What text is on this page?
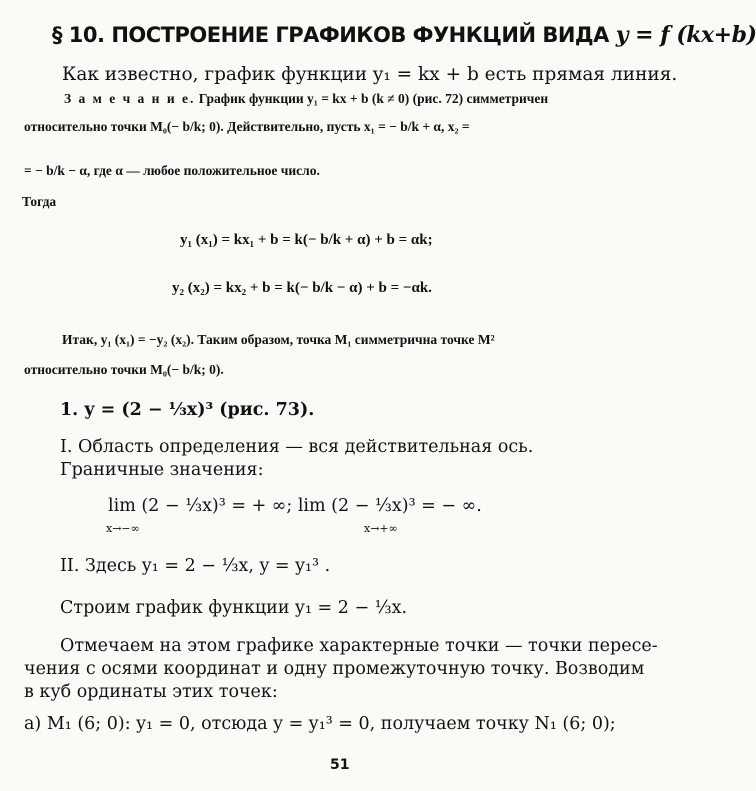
§ 10. ПОСТРОЕНИЕ ГРАФИКОВ ФУНКЦИЙ ВИДА y = f (kx+b)
Как известно, график функции y₁ = kx + b есть прямая линия.
З а м е ч а н и е. График функции y₁ = kx + b (k ≠ 0) (рис. 72) симметричен
относительно точки M₀(− b/k; 0). Действительно, пусть x₁ = − b/k + α, x₂ =
= − b/k − α, где α — любое положительное число.
Тогда
y₁ (x₁) = kx₁ + b = k(− b/k + α) + b = αk;
y₂ (x₂) = kx₂ + b = k(− b/k − α) + b = −αk.
Итак, y₁ (x₁) = −y₂ (x₂). Таким образом, точка M₁ симметрична точке M²
относительно точки M₀(− b/k; 0).
1. y = (2 − ⅓x)³ (рис. 73).
I. Область определения — вся действительная ось.
Граничные значения:
lim (2 − ⅓x)³ = + ∞; lim (2 − ⅓x)³ = − ∞.
x→−∞	x→+∞
II. Здесь y₁ = 2 − ⅓x, y = y₁³ .
Строим график функции y₁ = 2 − ⅓x.
Отмечаем на этом графике характерные точки — точки пересе-
чения с осями координат и одну промежуточную точку. Возводим
в куб ординаты этих точек:
а) M₁ (6; 0): y₁ = 0, отсюда y = y₁³ = 0, получаем точку N₁ (6; 0);
51
